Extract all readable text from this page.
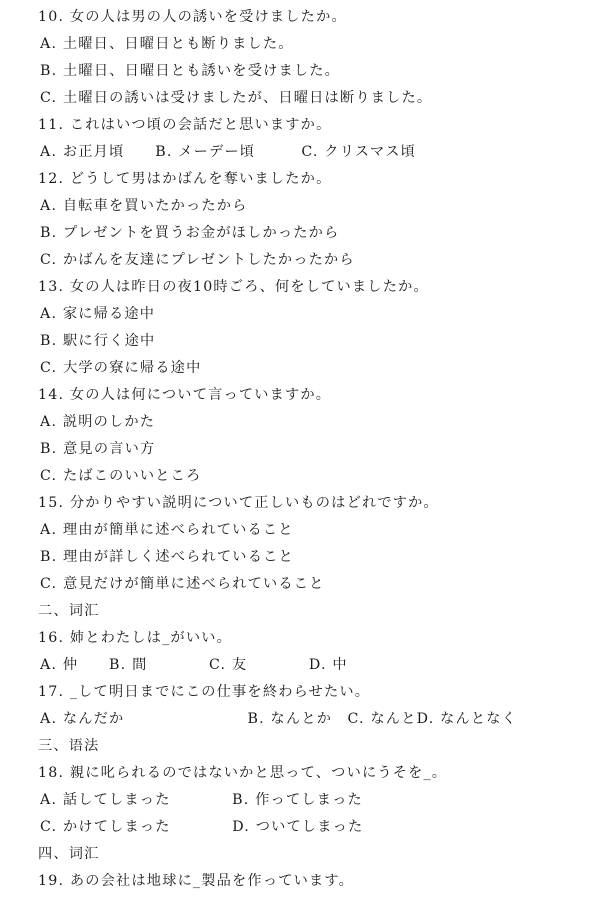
10. 女の人は男の人の誘いを受けましたか。
A. 土曜日、日曜日とも断りました。
B. 土曜日、日曜日とも誘いを受けました。
C. 土曜日の誘いは受けましたが、日曜日は断りました。
11. これはいつ頃の会話だと思いますか。
A. お正月頃　　B. メーデー頃　　　C. クリスマス頃
12. どうして男はかばんを奪いましたか。
A. 自転車を買いたかったから
B. プレゼントを買うお金がほしかったから
C. かばんを友達にプレゼントしたかったから
13. 女の人は昨日の夜10時ごろ、何をしていましたか。
A. 家に帰る途中
B. 駅に行く途中
C. 大学の寮に帰る途中
14. 女の人は何について言っていますか。
A. 説明のしかた
B. 意見の言い方
C. たばこのいいところ
15. 分かりやすい説明について正しいものはどれですか。
A. 理由が簡単に述べられていること
B. 理由が詳しく述べられていること
C. 意見だけが簡単に述べられていること
二、词汇
16. 姉とわたしは_がいい。
A. 仲　　B. 間　　　　C. 友　　　　D. 中
17. _して明日までにこの仕事を終わらせたい。
A. なんだか　　　　　　　　B. なんとか　C. なんとD. なんとなく
三、语法
18. 親に叱られるのではないかと思って、ついにうそを_。
A. 話してしまった　　　　B. 作ってしまった
C. かけてしまった　　　　D. ついてしまった
四、词汇
19. あの会社は地球に_製品を作っています。
